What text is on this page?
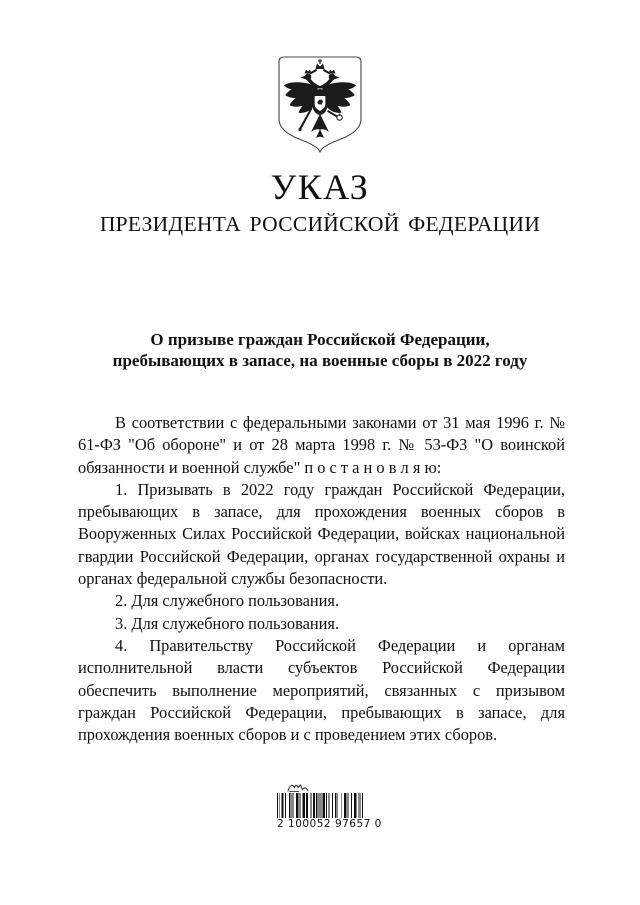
УКАЗ
ПРЕЗИДЕНТА РОССИЙСКОЙ ФЕДЕРАЦИИ
О призыве граждан Российской Федерации,
пребывающих в запасе, на военные сборы в 2022 году

В соответствии с федеральными законами от 31 мая 1996 г. № 61-ФЗ "Об обороне" и от 28 марта 1998 г. № 53-ФЗ "О воинской обязанности и военной службе" п о с т а н о в л я ю:

1. Призывать в 2022 году граждан Российской Федерации, пребывающих в запасе, для прохождения военных сборов в Вооруженных Силах Российской Федерации, войсках национальной гвардии Российской Федерации, органах государственной охраны и органах федеральной службы безопасности.

2. Для служебного пользования.

3. Для служебного пользования.

4. Правительству Российской Федерации и органам исполнительной власти субъектов Российской Федерации обеспечить выполнение мероприятий, связанных с призывом граждан Российской Федерации, пребывающих в запасе, для прохождения военных сборов и с проведением этих сборов.

2 100052 97657 0
